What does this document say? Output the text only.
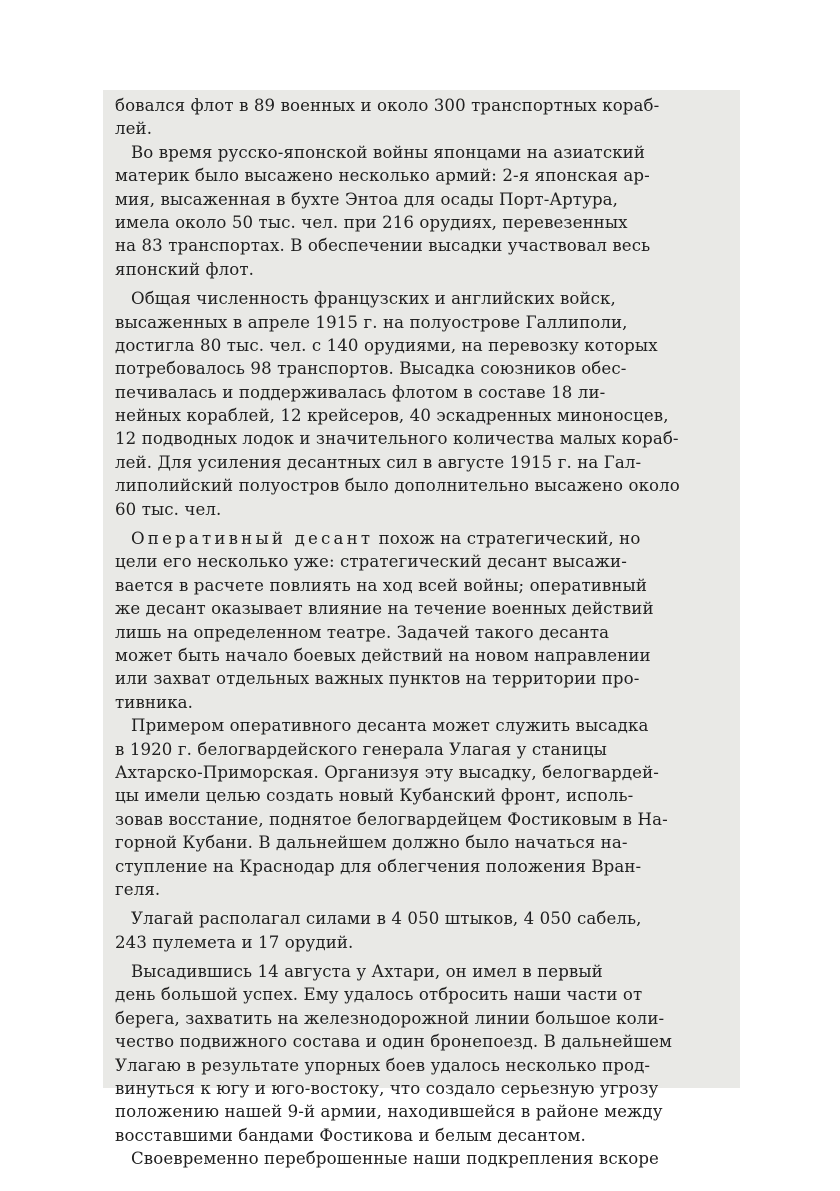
бовался флот в 89 военных и около 300 транспортных кораб-
лей.
Во время русско-японской войны японцами на азиатский
материк было высажено несколько армий: 2-я японская ар-
мия, высаженная в бухте Энтоа для осады Порт-Артура,
имела около 50 тыс. чел. при 216 орудиях, перевезенных
на 83 транспортах. В обеспечении высадки участвовал весь
японский флот.
Общая численность французских и английских войск,
высаженных в апреле 1915 г. на полуострове Галлиполи,
достигла 80 тыс. чел. с 140 орудиями, на перевозку которых
потребовалось 98 транспортов. Высадка союзников обес-
печивалась и поддерживалась флотом в составе 18 ли-
нейных кораблей, 12 крейсеров, 40 эскадренных миноносцев,
12 подводных лодок и значительного количества малых кораб-
лей. Для усиления десантных сил в августе 1915 г. на Гал-
липолийский полуостров было дополнительно высажено около
60 тыс. чел.
Оперативный десант похож на стратегический, но
цели его несколько уже: стратегический десант высажи-
вается в расчете повлиять на ход всей войны; оперативный
же десант оказывает влияние на течение военных действий
лишь на определенном театре. Задачей такого десанта
может быть начало боевых действий на новом направлении
или захват отдельных важных пунктов на территории про-
тивника.
Примером оперативного десанта может служить высадка
в 1920 г. белогвардейского генерала Улагая у станицы
Ахтарско-Приморская. Организуя эту высадку, белогвардей-
цы имели целью создать новый Кубанский фронт, исполь-
зовав восстание, поднятое белогвардейцем Фостиковым в На-
горной Кубани. В дальнейшем должно было начаться на-
ступление на Краснодар для облегчения положения Вран-
геля.
Улагай располагал силами в 4 050 штыков, 4 050 сабель,
243 пулемета и 17 орудий.
Высадившись 14 августа у Ахтари, он имел в первый
день большой успех. Ему удалось отбросить наши части от
берега, захватить на железнодорожной линии большое коли-
чество подвижного состава и один бронепоезд. В дальнейшем
Улагаю в результате упорных боев удалось несколько прод-
винуться к югу и юго-востоку, что создало серьезную угрозу
положению нашей 9-й армии, находившейся в районе между
восставшими бандами Фостикова и белым десантом.
Своевременно переброшенные наши подкрепления вскоре
